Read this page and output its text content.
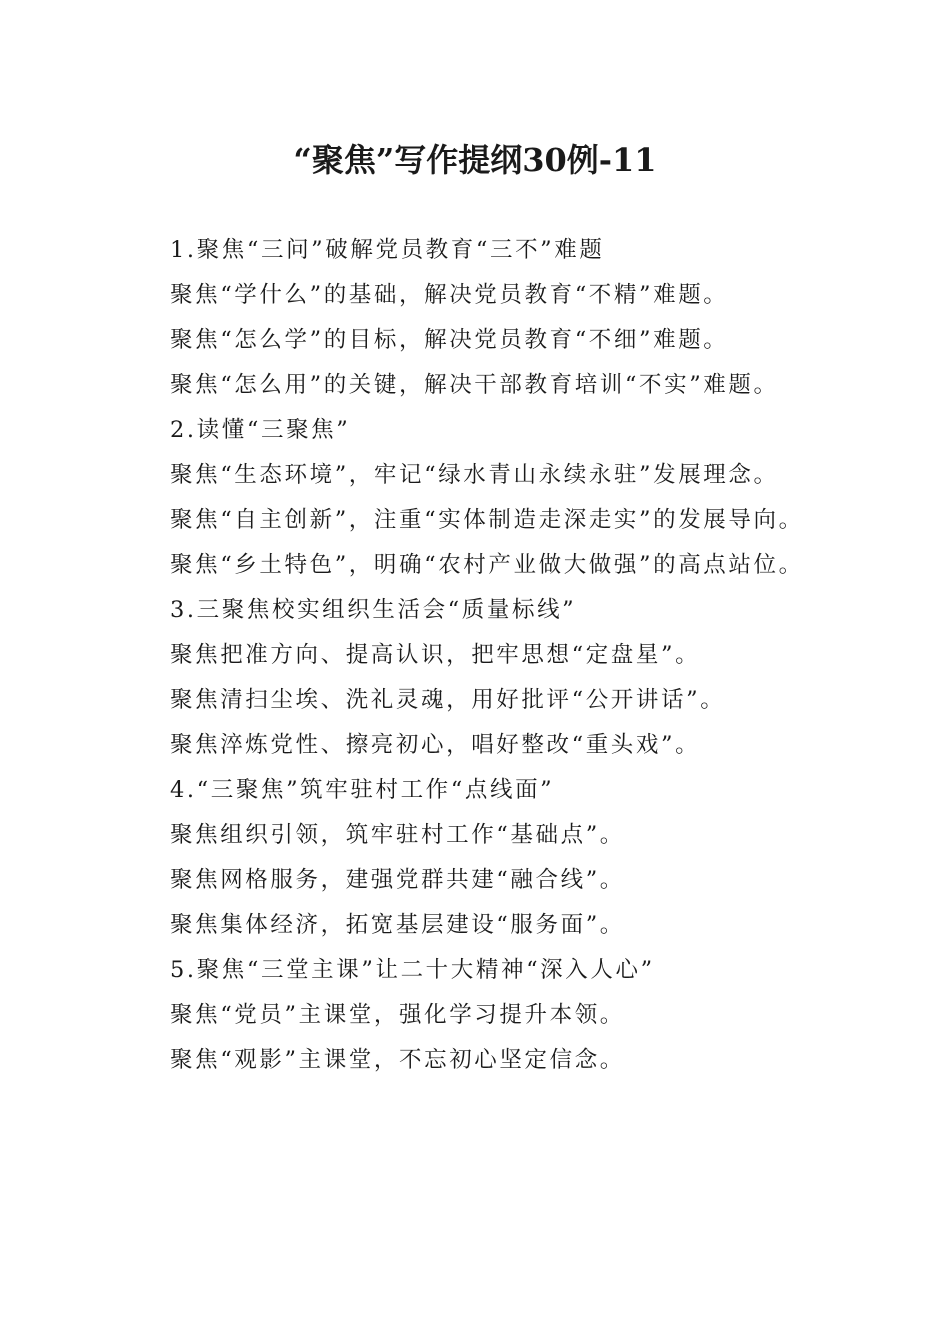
“聚焦”写作提纲30例-11

1.聚焦“三问”破解党员教育“三不”难题

聚焦“学什么”的基础，解决党员教育“不精”难题。

聚焦“怎么学”的目标，解决党员教育“不细”难题。

聚焦“怎么用”的关键，解决干部教育培训“不实”难题。

2.读懂“三聚焦”

聚焦“生态环境”，牢记“绿水青山永续永驻”发展理念。

聚焦“自主创新”，注重“实体制造走深走实”的发展导向。

聚焦“乡土特色”，明确“农村产业做大做强”的高点站位。

3.三聚焦校实组织生活会“质量标线”

聚焦把准方向、提高认识，把牢思想“定盘星”。

聚焦清扫尘埃、洗礼灵魂，用好批评“公开讲话”。

聚焦淬炼党性、擦亮初心，唱好整改“重头戏”。

4.“三聚焦”筑牢驻村工作“点线面”

聚焦组织引领，筑牢驻村工作“基础点”。

聚焦网格服务，建强党群共建“融合线”。

聚焦集体经济，拓宽基层建设“服务面”。

5.聚焦“三堂主课”让二十大精神“深入人心”

聚焦“党员”主课堂，强化学习提升本领。

聚焦“观影”主课堂，不忘初心坚定信念。
